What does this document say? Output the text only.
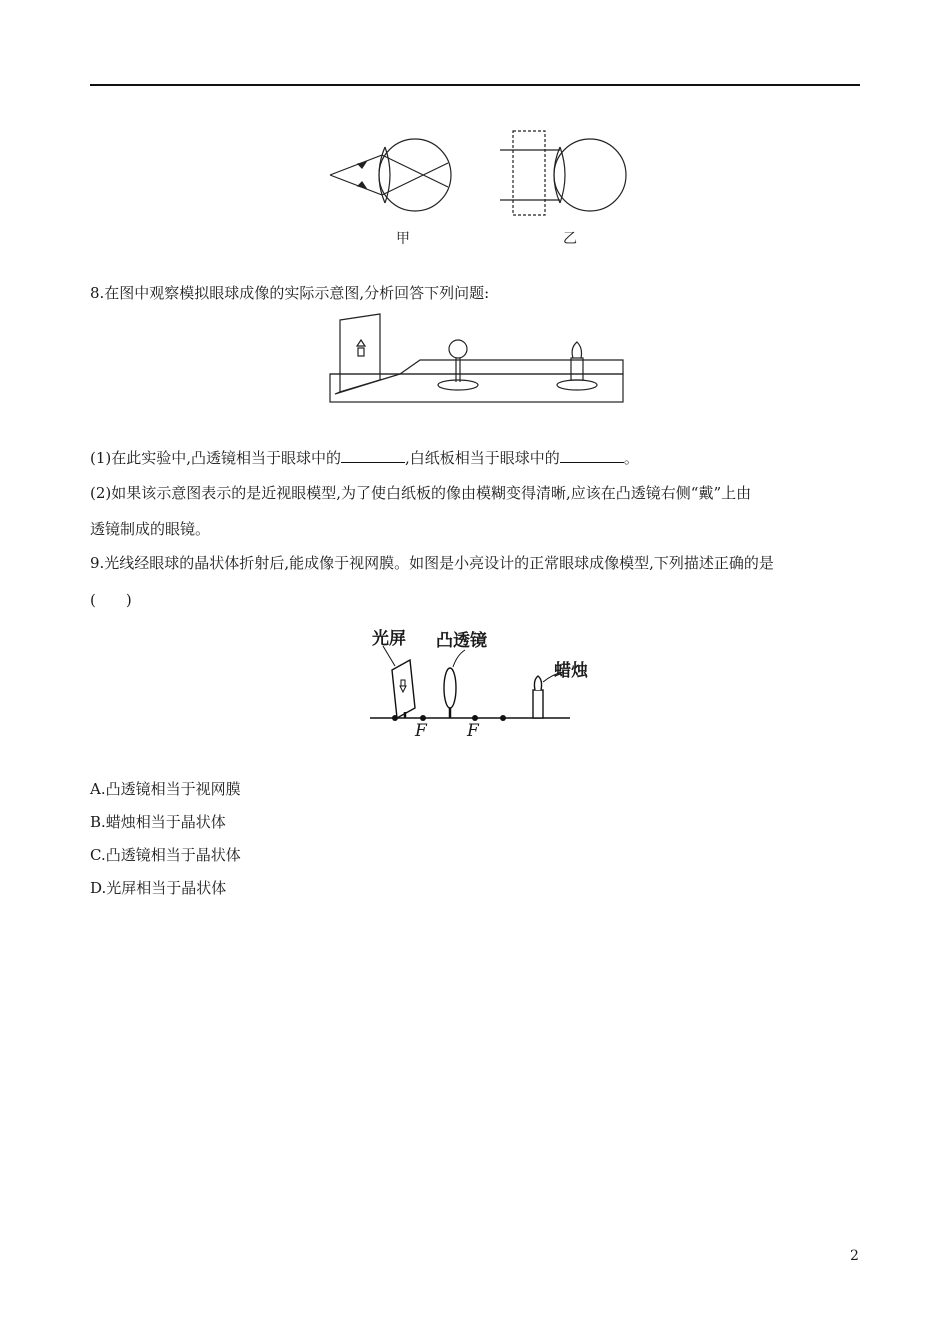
甲	乙
8.在图中观察模拟眼球成像的实际示意图,分析回答下列问题:
(1)在此实验中,凸透镜相当于眼球中的	,白纸板相当于眼球中的	。
(2)如果该示意图表示的是近视眼模型,为了使白纸板的像由模糊变得清晰,应该在凸透镜右侧“戴”上由
透镜制成的眼镜。
9.光线经眼球的晶状体折射后,能成像于视网膜。如图是小亮设计的正常眼球成像模型,下列描述正确的是
(　　)
光屏 凸透镜
蜡烛
F F
A.凸透镜相当于视网膜
B.蜡烛相当于晶状体
C.凸透镜相当于晶状体
D.光屏相当于晶状体
2
